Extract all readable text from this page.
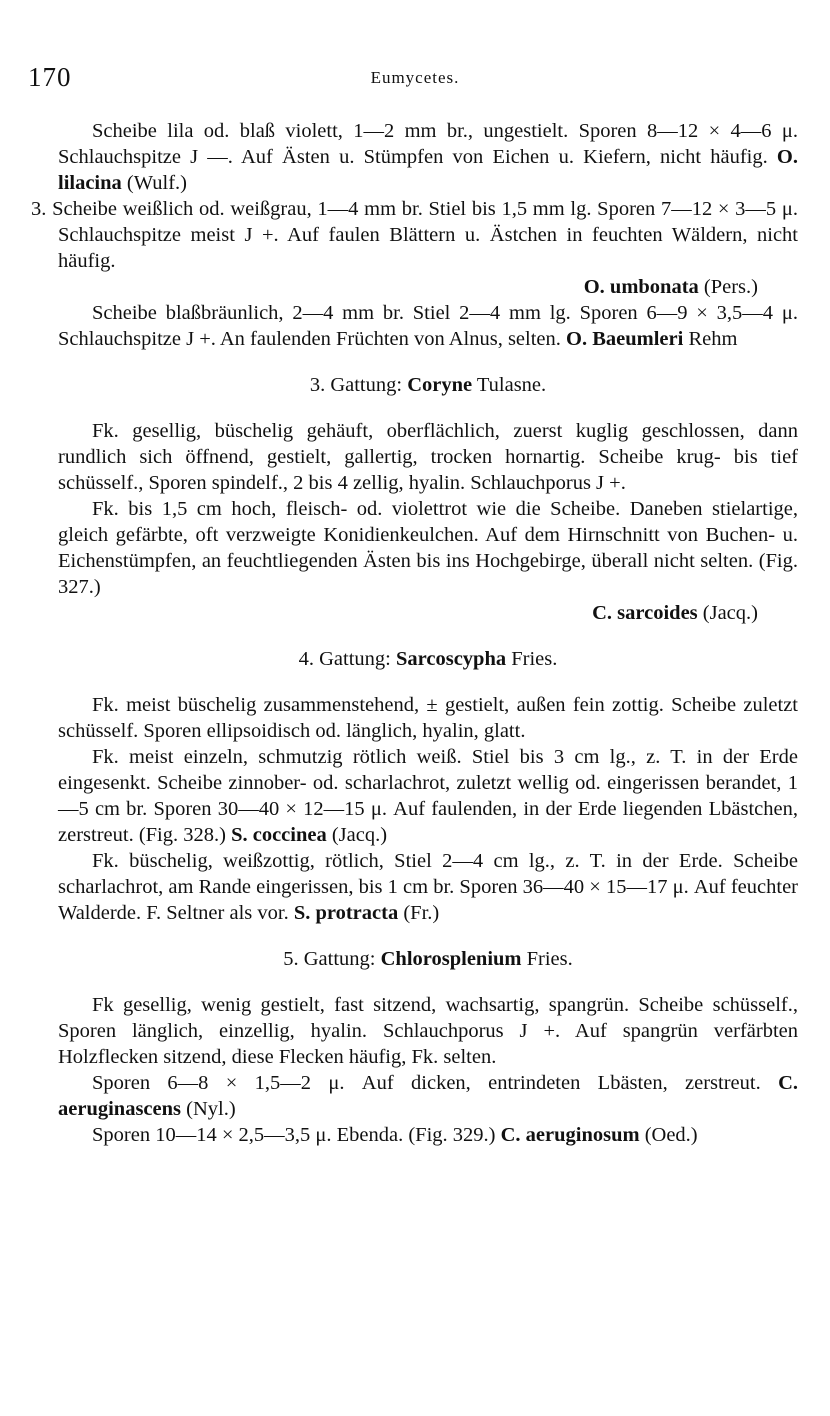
170	Eumycetes.

Scheibe lila od. blaß violett, 1—2 mm br., ungestielt. Sporen 8—12 × 4—6 μ. Schlauchspitze J —. Auf Ästen u. Stümpfen von Eichen u. Kiefern, nicht häufig. O. lilacina (Wulf.)

3. Scheibe weißlich od. weißgrau, 1—4 mm br. Stiel bis 1,5 mm lg. Sporen 7—12 × 3—5 μ. Schlauchspitze meist J +. Auf faulen Blättern u. Ästchen in feuchten Wäldern, nicht häufig.

O. umbonata (Pers.)

Scheibe blaßbräunlich, 2—4 mm br. Stiel 2—4 mm lg. Sporen 6—9 × 3,5—4 μ. Schlauchspitze J +. An faulenden Früchten von Alnus, selten. O. Baeumleri Rehm

3. Gattung: Coryne Tulasne.

Fk. gesellig, büschelig gehäuft, oberflächlich, zuerst kuglig geschlossen, dann rundlich sich öffnend, gestielt, gallertig, trocken hornartig. Scheibe krug- bis tief schüsself., Sporen spindelf., 2 bis 4 zellig, hyalin. Schlauchporus J +.

Fk. bis 1,5 cm hoch, fleisch- od. violettrot wie die Scheibe. Daneben stielartige, gleich gefärbte, oft verzweigte Konidienkeulchen. Auf dem Hirnschnitt von Buchen- u. Eichenstümpfen, an feuchtliegenden Ästen bis ins Hochgebirge, überall nicht selten. (Fig. 327.)

C. sarcoides (Jacq.)
4. Gattung: Sarcoscypha Fries.

Fk. meist büschelig zusammenstehend, ± gestielt, außen fein zottig. Scheibe zuletzt schüsself. Sporen ellipsoidisch od. länglich, hyalin, glatt.

Fk. meist einzeln, schmutzig rötlich weiß. Stiel bis 3 cm lg., z. T. in der Erde eingesenkt. Scheibe zinnober- od. scharlachrot, zuletzt wellig od. eingerissen berandet, 1—5 cm br. Sporen 30—40 × 12—15 μ. Auf faulenden, in der Erde liegenden Lbästchen, zerstreut. (Fig. 328.) S. coccinea (Jacq.)

Fk. büschelig, weißzottig, rötlich, Stiel 2—4 cm lg., z. T. in der Erde. Scheibe scharlachrot, am Rande eingerissen, bis 1 cm br. Sporen 36—40 × 15—17 μ. Auf feuchter Walderde. F. Seltner als vor. S. protracta (Fr.)

5. Gattung: Chlorosplenium Fries.

Fk gesellig, wenig gestielt, fast sitzend, wachsartig, spangrün. Scheibe schüsself., Sporen länglich, einzellig, hyalin. Schlauchporus J +. Auf spangrün verfärbten Holzflecken sitzend, diese Flecken häufig, Fk. selten.

Sporen 6—8 × 1,5—2 μ. Auf dicken, entrindeten Lbästen, zerstreut. C. aeruginascens (Nyl.)

Sporen 10—14 × 2,5—3,5 μ. Ebenda. (Fig. 329.) C. aeruginosum (Oed.)
